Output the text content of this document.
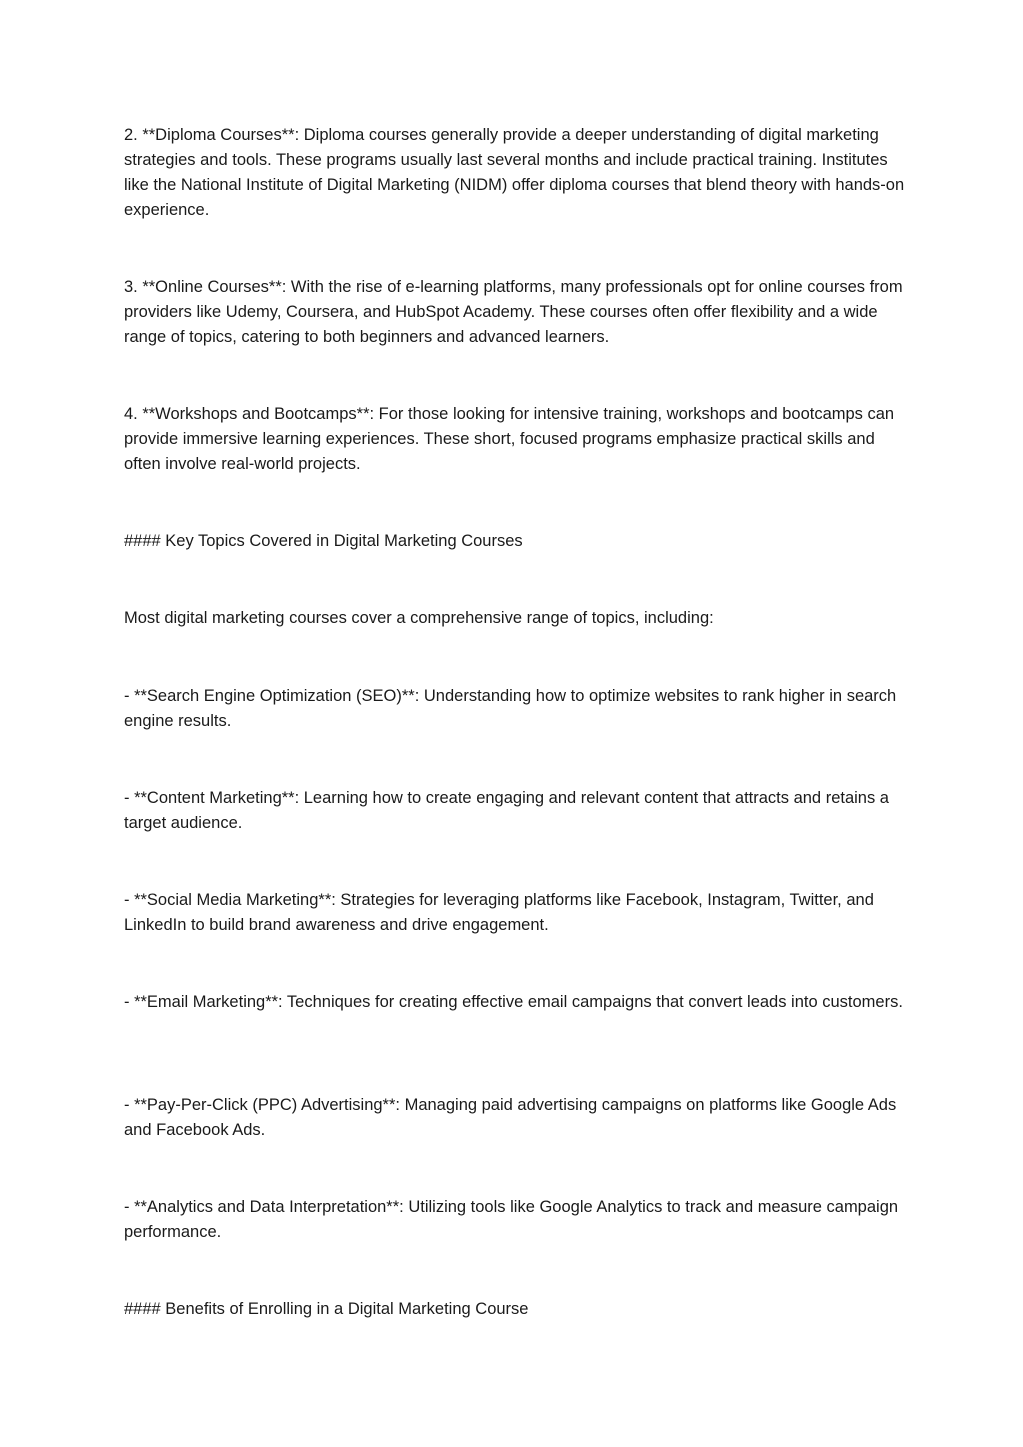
2. **Diploma Courses**: Diploma courses generally provide a deeper understanding of digital marketing strategies and tools. These programs usually last several months and include practical training. Institutes like the National Institute of Digital Marketing (NIDM) offer diploma courses that blend theory with hands-on experience.

3. **Online Courses**: With the rise of e-learning platforms, many professionals opt for online courses from providers like Udemy, Coursera, and HubSpot Academy. These courses often offer flexibility and a wide range of topics, catering to both beginners and advanced learners.

4. **Workshops and Bootcamps**: For those looking for intensive training, workshops and bootcamps can provide immersive learning experiences. These short, focused programs emphasize practical skills and often involve real-world projects.

#### Key Topics Covered in Digital Marketing Courses

Most digital marketing courses cover a comprehensive range of topics, including:

- **Search Engine Optimization (SEO)**: Understanding how to optimize websites to rank higher in search engine results.

- **Content Marketing**: Learning how to create engaging and relevant content that attracts and retains a target audience.

- **Social Media Marketing**: Strategies for leveraging platforms like Facebook, Instagram, Twitter, and LinkedIn to build brand awareness and drive engagement.

- **Email Marketing**: Techniques for creating effective email campaigns that convert leads into customers.

- **Pay-Per-Click (PPC) Advertising**: Managing paid advertising campaigns on platforms like Google Ads and Facebook Ads.

- **Analytics and Data Interpretation**: Utilizing tools like Google Analytics to track and measure campaign performance.

#### Benefits of Enrolling in a Digital Marketing Course
